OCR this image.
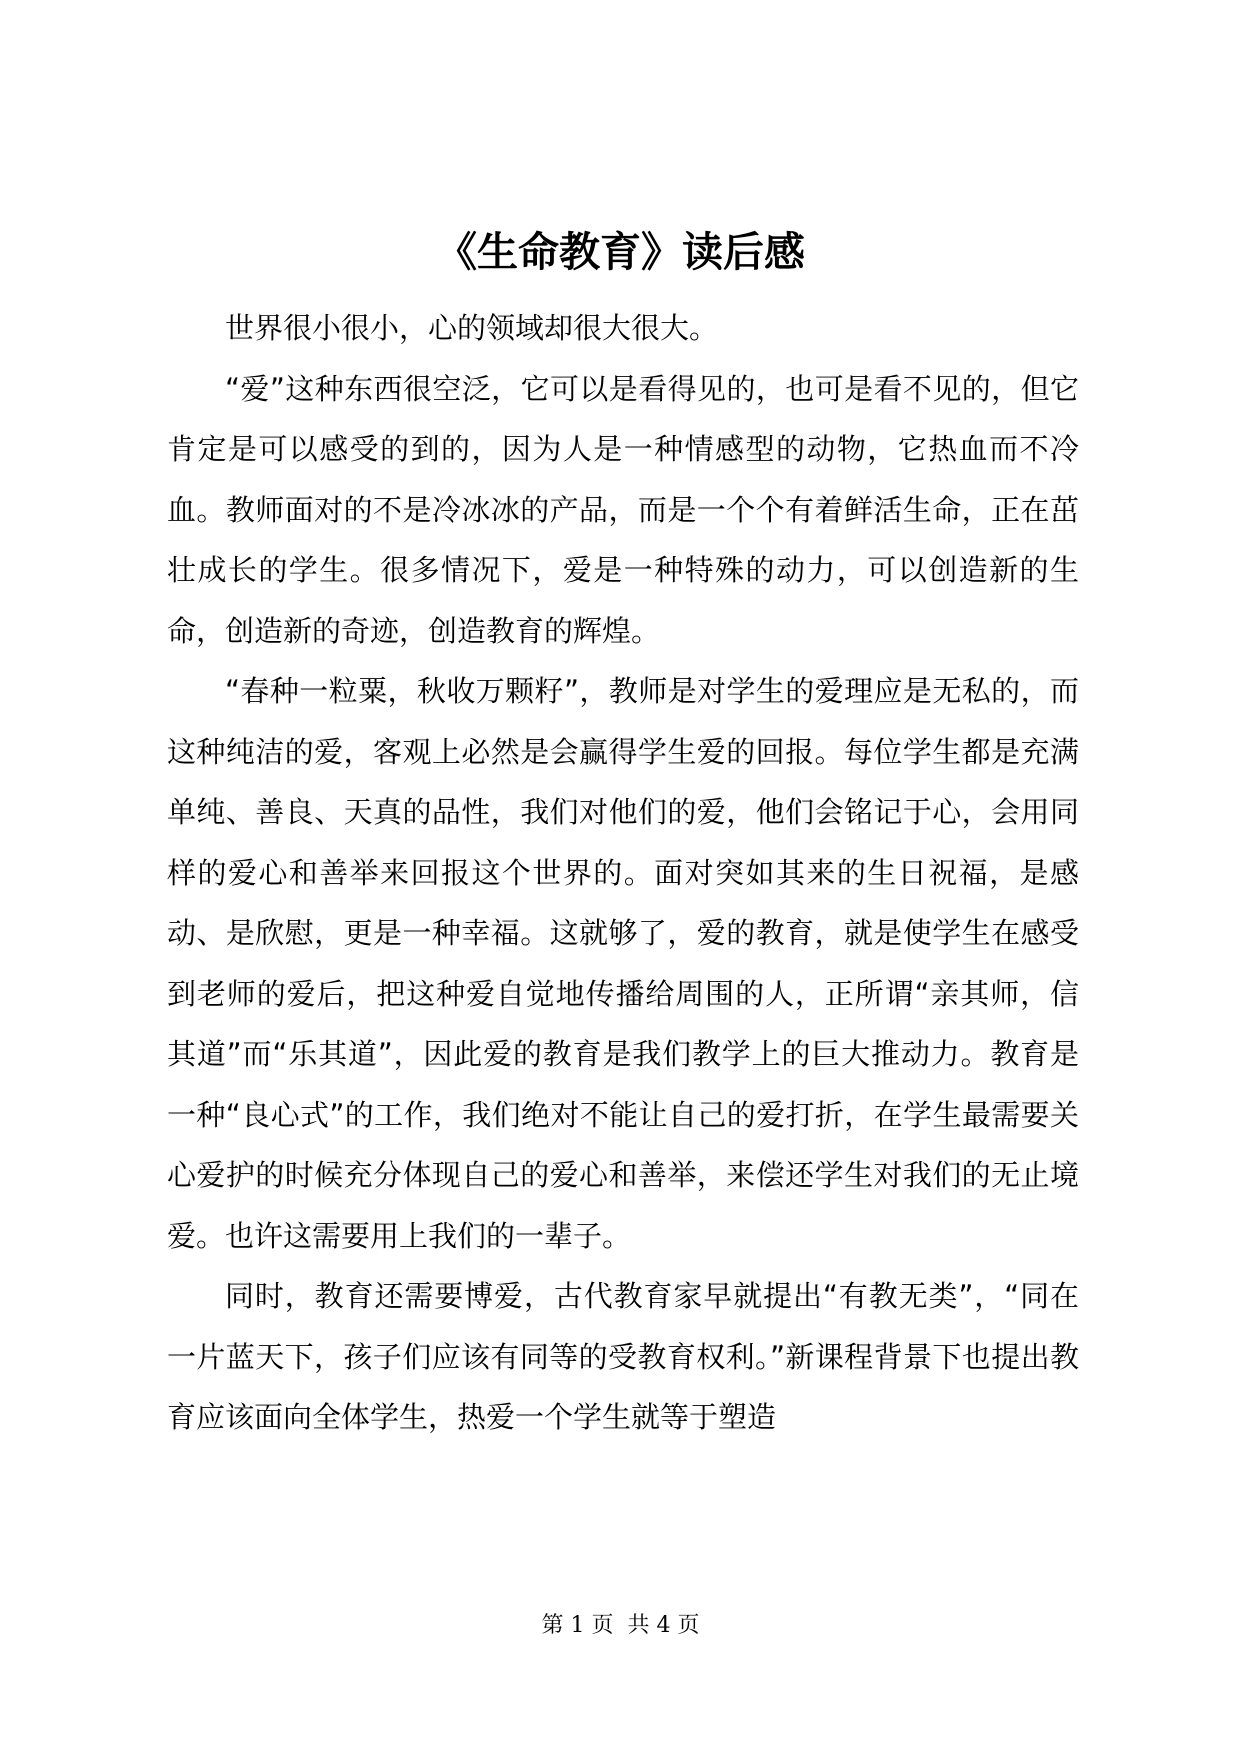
《生命教育》读后感

世界很小很小，心的领域却很大很大。

“爱”这种东西很空泛，它可以是看得见的，也可是看不见的，但它肯定是可以感受的到的，因为人是一种情感型的动物，它热血而不冷血。教师面对的不是冷冰冰的产品，而是一个个有着鲜活生命，正在茁壮成长的学生。很多情况下，爱是一种特殊的动力，可以创造新的生命，创造新的奇迹，创造教育的辉煌。

“春种一粒粟，秋收万颗籽”，教师是对学生的爱理应是无私的，而这种纯洁的爱，客观上必然是会赢得学生爱的回报。每位学生都是充满单纯、善良、天真的品性，我们对他们的爱，他们会铭记于心，会用同样的爱心和善举来回报这个世界的。面对突如其来的生日祝福，是感动、是欣慰，更是一种幸福。这就够了，爱的教育，就是使学生在感受到老师的爱后，把这种爱自觉地传播给周围的人，正所谓“亲其师，信其道”而“乐其道”，因此爱的教育是我们教学上的巨大推动力。教育是一种“良心式”的工作，我们绝对不能让自己的爱打折，在学生最需要关心爱护的时候充分体现自己的爱心和善举，来偿还学生对我们的无止境爱。也许这需要用上我们的一辈子。

同时，教育还需要博爱，古代教育家早就提出“有教无类”，“同在一片蓝天下，孩子们应该有同等的受教育权利。”新课程背景下也提出教育应该面向全体学生，热爱一个学生就等于塑造

第 1 页  共 4 页
